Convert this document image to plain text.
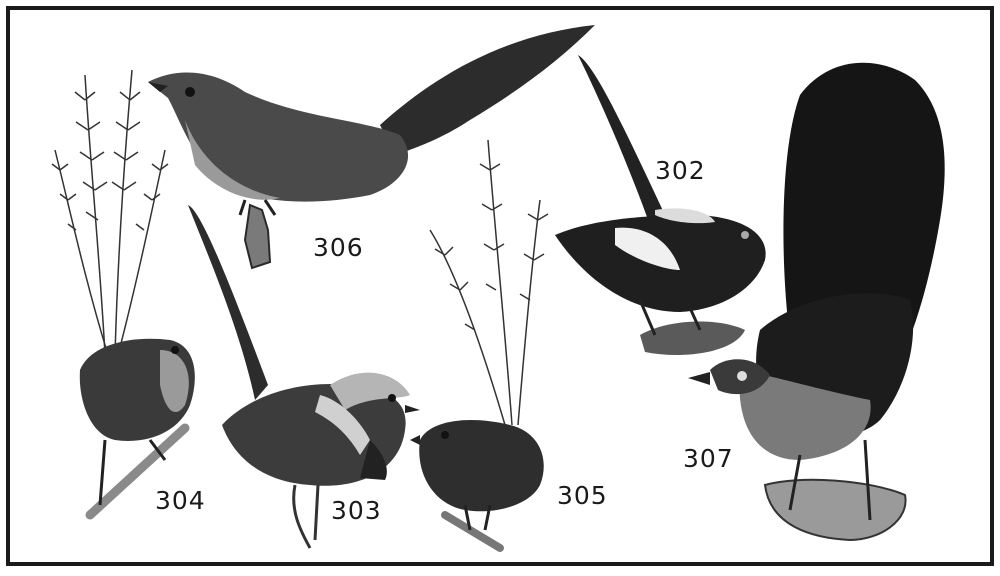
302
303
304	305
306
307
